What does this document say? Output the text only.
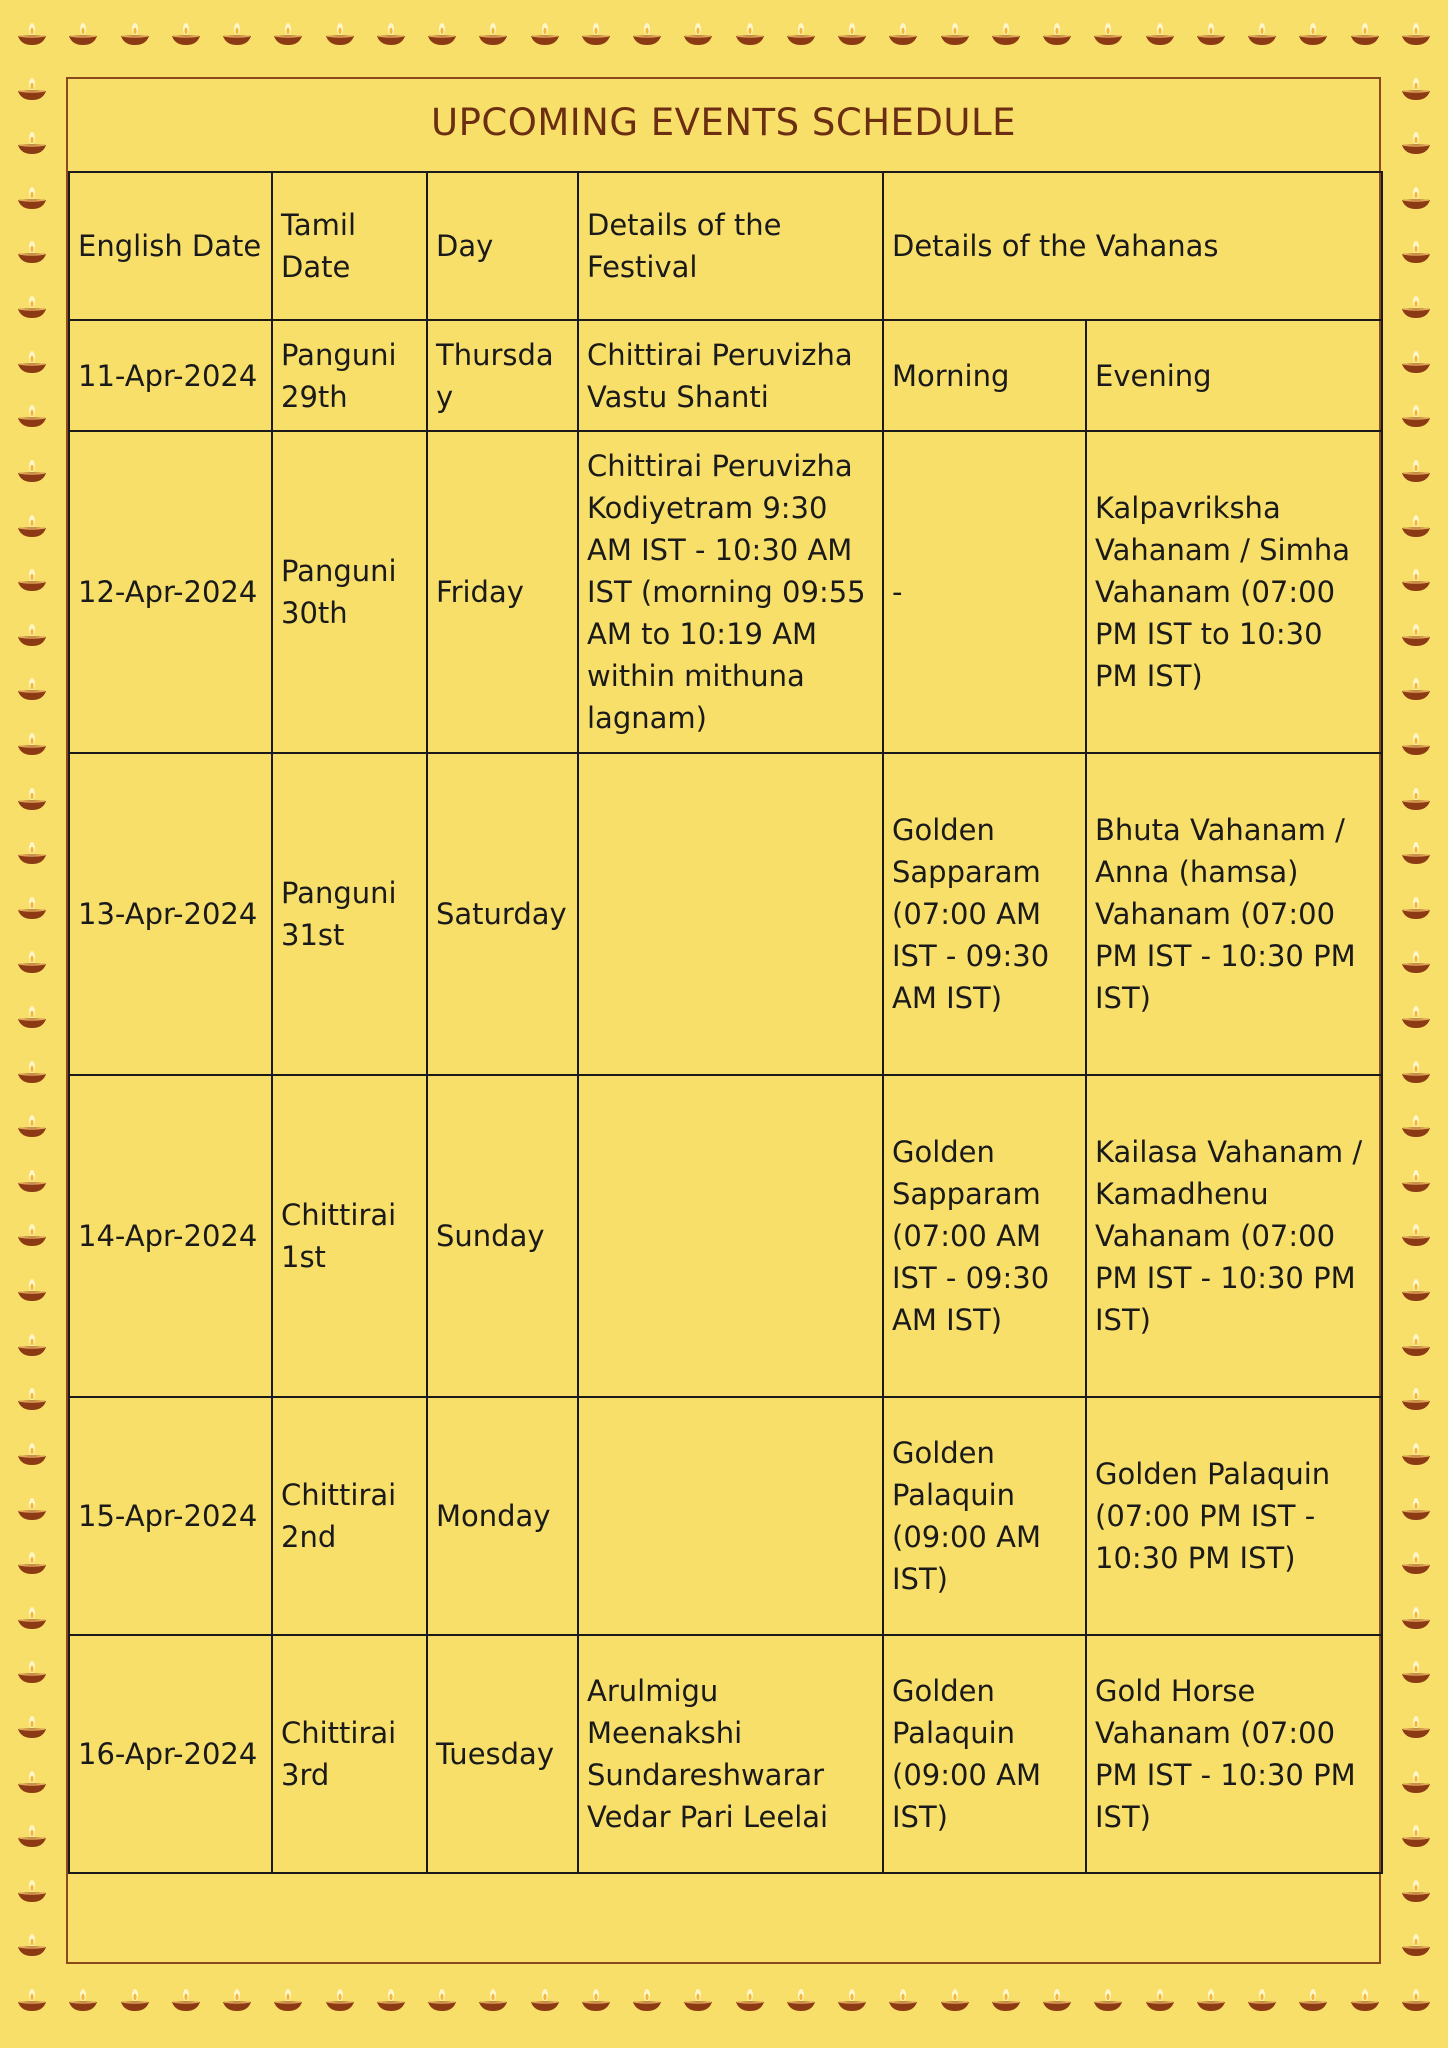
UPCOMING EVENTS SCHEDULE
English Date	Tamil Date	Day	Details of the Festival	Details of the Vahanas	
11-Apr-2024	Panguni 29th	Thursday	Chittirai Peruvizha Vastu Shanti	Morning	Evening
12-Apr-2024	Panguni 30th	Friday	Chittirai Peruvizha Kodiyetram 9:30 AM IST - 10:30 AM IST (morning 09:55 AM to 10:19 AM within mithuna lagnam)	-	Kalpavriksha Vahanam / Simha Vahanam (07:00 PM IST to 10:30 PM IST)
13-Apr-2024	Panguni 31st	Saturday		Golden Sapparam (07:00 AM IST - 09:30 AM IST)	Bhuta Vahanam / Anna (hamsa) Vahanam (07:00 PM IST - 10:30 PM IST)
14-Apr-2024	Chittirai 1st	Sunday		Golden Sapparam (07:00 AM IST - 09:30 AM IST)	Kailasa Vahanam / Kamadhenu Vahanam (07:00 PM IST - 10:30 PM IST)
15-Apr-2024	Chittirai 2nd	Monday		Golden Palaquin (09:00 AM IST)	Golden Palaquin (07:00 PM IST - 10:30 PM IST)
16-Apr-2024	Chittirai 3rd	Tuesday	Arulmigu Meenakshi Sundareshwarar Vedar Pari Leelai	Golden Palaquin (09:00 AM IST)	Gold Horse Vahanam (07:00 PM IST - 10:30 PM IST)
